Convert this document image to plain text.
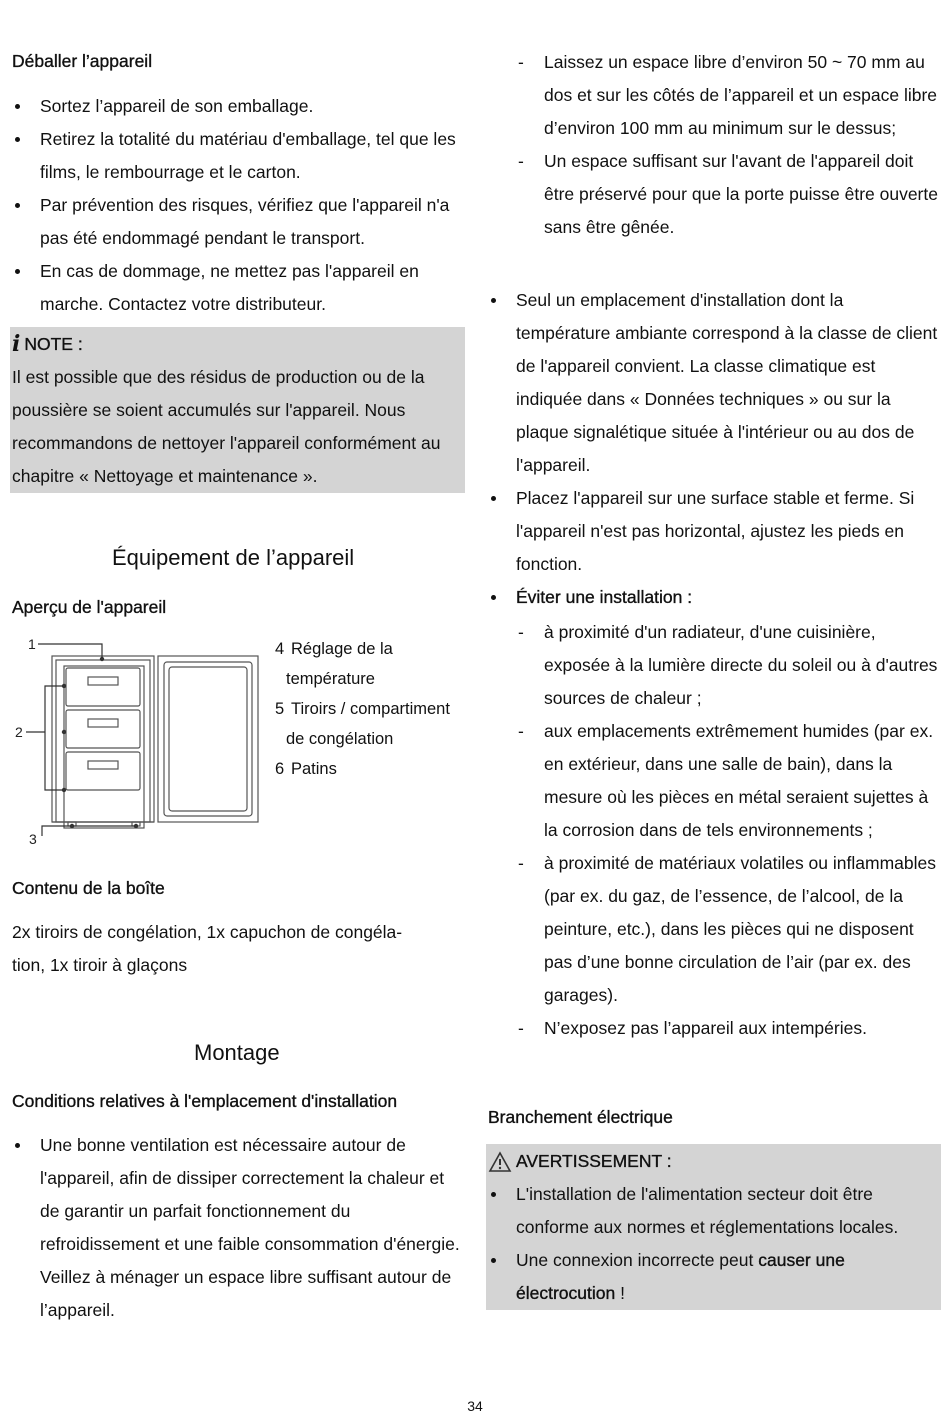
Déballer l’appareil
Sortez l’appareil de son emballage.
Retirez la totalité du matériau d'emballage, tel que les films, le rembourrage et le carton.
Par prévention des risques, vérifiez que l'appareil n'a pas été endommagé pendant le transport.
En cas de dommage, ne mettez pas l'appareil en marche. Contactez votre distributeur.
i NOTE :
Il est possible que des résidus de production ou de la poussière se soient accumulés sur l'appareil. Nous recommandons de nettoyer l'appareil conformément au chapitre « Nettoyage et maintenance ».
Équipement de l’appareil
Aperçu de l'appareil
1
2
3
4 Réglage de la
température
5 Tiroirs / compartiment
de congélation
6 Patins
Contenu de la boîte
2x tiroirs de congélation, 1x capuchon de congéla-
tion, 1x tiroir à glaçons
Montage
Conditions relatives à l'emplacement d'installation
Une bonne ventilation est nécessaire autour de l'appareil, afin de dissiper correctement la chaleur et de garantir un parfait fonctionnement du refroidissement et une faible consommation d'énergie. Veillez à ménager un espace libre suffisant autour de l’appareil.
- Laissez un espace libre d’environ 50 ~ 70 mm au dos et sur les côtés de l’appareil et un espace libre d’environ 100 mm au minimum sur le dessus;
- Un espace suffisant sur l'avant de l'appareil doit être préservé pour que la porte puisse être ouverte sans être gênée.
Seul un emplacement d'installation dont la température ambiante correspond à la classe de client de l'appareil convient. La classe climatique est indiquée dans « Données techniques » ou sur la plaque signalétique située à l'intérieur ou au dos de l'appareil.
Placez l'appareil sur une surface stable et ferme. Si l'appareil n'est pas horizontal, ajustez les pieds en fonction.
Éviter une installation :
- à proximité d'un radiateur, d'une cuisinière, exposée à la lumière directe du soleil ou à d'autres sources de chaleur ;
- aux emplacements extrêmement humides (par ex. en extérieur, dans une salle de bain), dans la mesure où les pièces en métal seraient sujettes à la corrosion dans de tels environnements ;
- à proximité de matériaux volatiles ou inflammables (par ex. du gaz, de l’essence, de l’alcool, de la peinture, etc.), dans les pièces qui ne disposent pas d’une bonne circulation de l’air (par ex. des garages).
- N’exposez pas l’appareil aux intempéries.
Branchement électrique
AVERTISSEMENT :
L'installation de l'alimentation secteur doit être conforme aux normes et réglementations locales.
Une connexion incorrecte peut causer une électrocution !
34
